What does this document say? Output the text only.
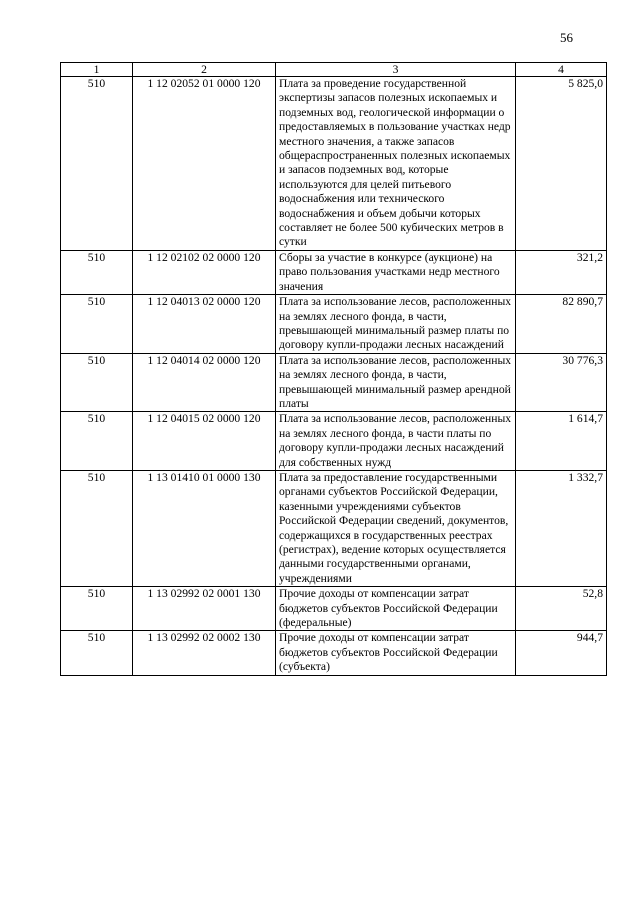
56
1	2	3	4
510	1 12 02052 01 0000 120	Плата за проведение государственной экспертизы запасов полезных ископаемых и подземных вод, геологической информации о предоставляемых в пользование участках недр местного значения, а также запасов общераспространенных полезных ископаемых и запасов подземных вод, которые используются для целей питьевого водоснабжения или технического водоснабжения и объем добычи которых составляет не более 500 кубических метров в сутки	5 825,0
510	1 12 02102 02 0000 120	Сборы за участие в конкурсе (аукционе) на право пользования участками недр местного значения	321,2
510	1 12 04013 02 0000 120	Плата за использование лесов, расположенных на землях лесного фонда, в части, превышающей минимальный размер платы по договору купли-продажи лесных насаждений	82 890,7
510	1 12 04014 02 0000 120	Плата за использование лесов, расположенных на землях лесного фонда, в части, превышающей минимальный размер арендной платы	30 776,3
510	1 12 04015 02 0000 120	Плата за использование лесов, расположенных на землях лесного фонда, в части платы по договору купли-продажи лесных насаждений для собственных нужд	1 614,7
510	1 13 01410 01 0000 130	Плата за предоставление государственными органами субъектов Российской Федерации, казенными учреждениями субъектов Российской Федерации сведений, документов, содержащихся в государственных реестрах (регистрах), ведение которых осуществляется данными государственными органами, учреждениями	1 332,7
510	1 13 02992 02 0001 130	Прочие доходы от компенсации затрат бюджетов субъектов Российской Федерации (федеральные)	52,8
510	1 13 02992 02 0002 130	Прочие доходы от компенсации затрат бюджетов субъектов Российской Федерации (субъекта)	944,7
